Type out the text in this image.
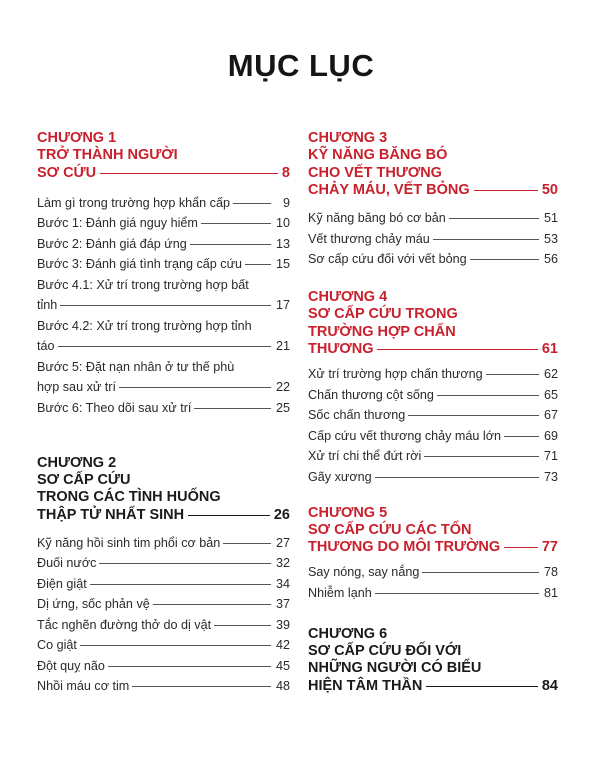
MỤC LỤC
CHƯƠNG 1
TRỞ THÀNH NGƯỜI
SƠ CỨU	8
Làm gì trong trường hợp khẩn cấp	9
Bước 1: Đánh giá nguy hiểm	10
Bước 2: Đánh giá đáp ứng	13
Bước 3: Đánh giá tình trạng cấp cứu	15
Bước 4.1: Xử trí trong trường hợp bất
tỉnh	17
Bước 4.2: Xử trí trong trường hợp tỉnh
táo	21
Bước 5: Đặt nạn nhân ở tư thế phù
hợp sau xử trí	22
Bước 6: Theo dõi sau xử trí	25
CHƯƠNG 2
SƠ CẤP CỨU
TRONG CÁC TÌNH HUỐNG
THẬP TỬ NHẤT SINH	26
Kỹ năng hồi sinh tim phổi cơ bản	27
Đuối nước	32
Điện giật	34
Dị ứng, sốc phản vệ	37
Tắc nghẽn đường thở do dị vật	39
Co giật	42
Đột quỵ não	45
Nhồi máu cơ tim	48
CHƯƠNG 3
KỸ NĂNG BĂNG BÓ
CHO VẾT THƯƠNG
CHẢY MÁU, VẾT BỎNG	50
Kỹ năng băng bó cơ bản	51
Vết thương chảy máu	53
Sơ cấp cứu đối với vết bỏng	56
CHƯƠNG 4
SƠ CẤP CỨU TRONG
TRƯỜNG HỢP CHẤN
THƯƠNG	61
Xử trí trường hợp chấn thương	62
Chấn thương cột sống	65
Sốc chấn thương	67
Cấp cứu vết thương chảy máu lớn	69
Xử trí chi thể đứt rời	71
Gãy xương	73
CHƯƠNG 5
SƠ CẤP CỨU CÁC TỔN
THƯƠNG DO MÔI TRƯỜNG	77
Say nóng, say nắng	78
Nhiễm lạnh	81
CHƯƠNG 6
SƠ CẤP CỨU ĐỐI VỚI
NHỮNG NGƯỜI CÓ BIỂU
HIỆN TÂM THẦN	84
